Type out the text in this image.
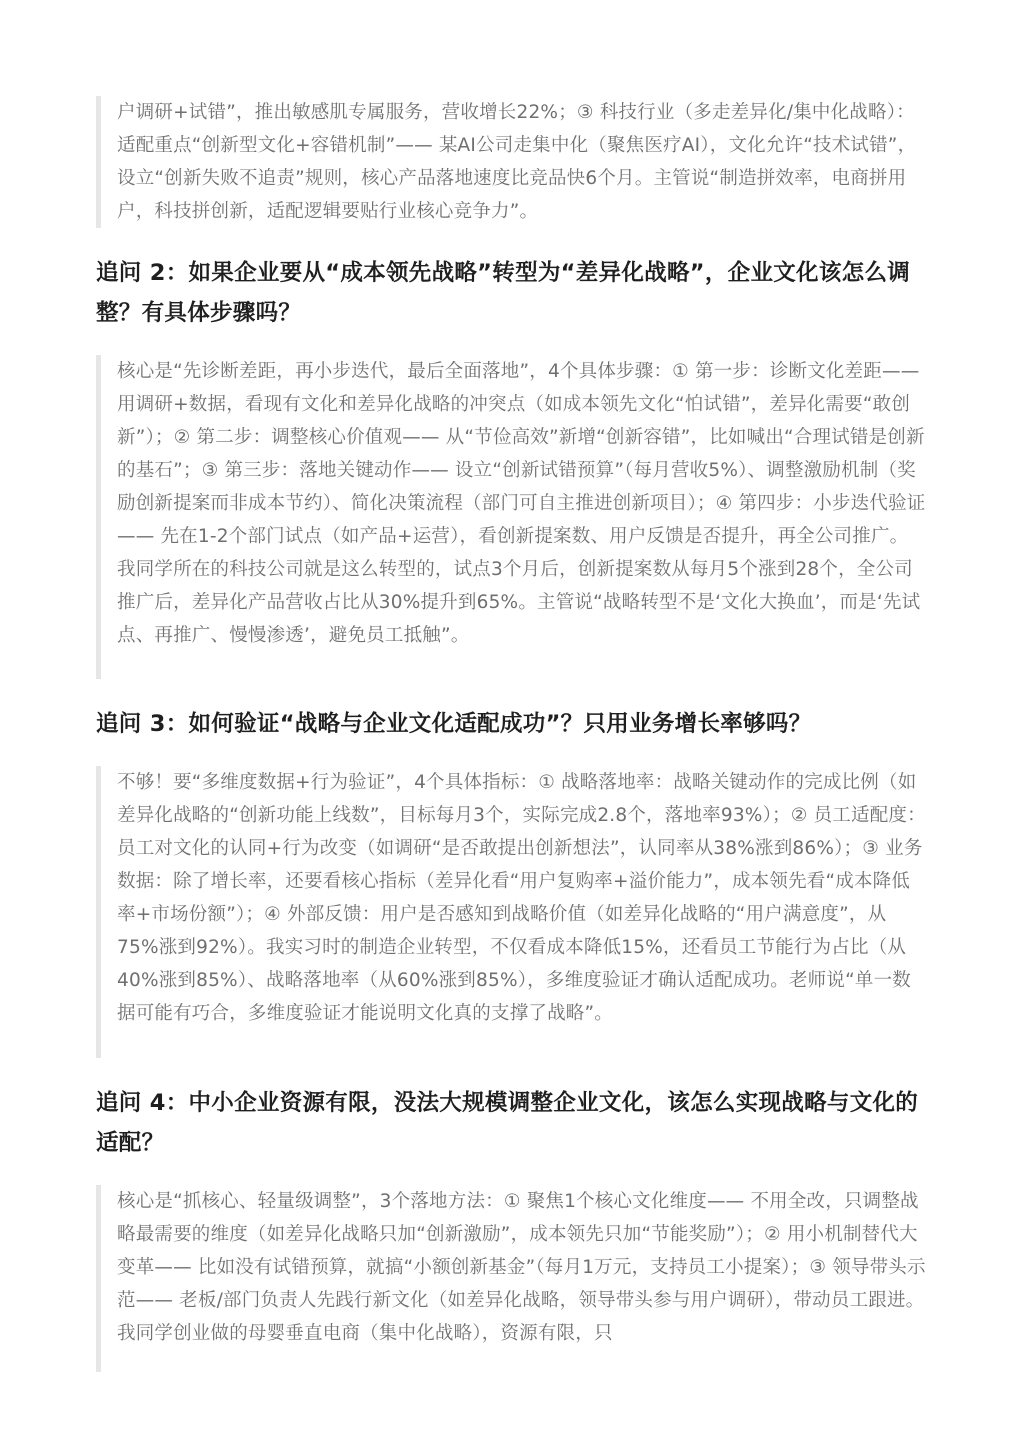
户调研+试错”，推出敏感肌专属服务，营收增长22%；③ 科技行业（多走差异化/集中化战略）：适配重点“创新型文化+容错机制”—— 某AI公司走集中化（聚焦医疗AI），文化允许“技术试错”，设立“创新失败不追责”规则，核心产品落地速度比竞品快6个月。主管说“制造拼效率，电商拼用户，科技拼创新，适配逻辑要贴行业核心竞争力”。

追问 2：如果企业要从“成本领先战略”转型为“差异化战略”，企业文化该怎么调整？有具体步骤吗？

核心是“先诊断差距，再小步迭代，最后全面落地”，4个具体步骤：① 第一步：诊断文化差距—— 用调研+数据，看现有文化和差异化战略的冲突点（如成本领先文化“怕试错”，差异化需要“敢创新”）；② 第二步：调整核心价值观—— 从“节俭高效”新增“创新容错”，比如喊出“合理试错是创新的基石”；③ 第三步：落地关键动作—— 设立“创新试错预算”（每月营收5%）、调整激励机制（奖励创新提案而非成本节约）、简化决策流程（部门可自主推进创新项目）；④ 第四步：小步迭代验证—— 先在1-2个部门试点（如产品+运营），看创新提案数、用户反馈是否提升，再全公司推广。我同学所在的科技公司就是这么转型的，试点3个月后，创新提案数从每月5个涨到28个，全公司推广后，差异化产品营收占比从30%提升到65%。主管说“战略转型不是‘文化大换血’，而是‘先试点、再推广、慢慢渗透’，避免员工抵触”。

追问 3：如何验证“战略与企业文化适配成功”？只用业务增长率够吗？

不够！要“多维度数据+行为验证”，4个具体指标：① 战略落地率：战略关键动作的完成比例（如差异化战略的“创新功能上线数”，目标每月3个，实际完成2.8个，落地率93%）；② 员工适配度：员工对文化的认同+行为改变（如调研“是否敢提出创新想法”，认同率从38%涨到86%）；③ 业务数据：除了增长率，还要看核心指标（差异化看“用户复购率+溢价能力”，成本领先看“成本降低率+市场份额”）；④ 外部反馈：用户是否感知到战略价值（如差异化战略的“用户满意度”，从75%涨到92%）。我实习时的制造企业转型，不仅看成本降低15%，还看员工节能行为占比（从40%涨到85%）、战略落地率（从60%涨到85%），多维度验证才确认适配成功。老师说“单一数据可能有巧合，多维度验证才能说明文化真的支撑了战略”。

追问 4：中小企业资源有限，没法大规模调整企业文化，该怎么实现战略与文化的适配？

核心是“抓核心、轻量级调整”，3个落地方法：① 聚焦1个核心文化维度—— 不用全改，只调整战略最需要的维度（如差异化战略只加“创新激励”，成本领先只加“节能奖励”）；② 用小机制替代大变革—— 比如没有试错预算，就搞“小额创新基金”（每月1万元，支持员工小提案）；③ 领导带头示范—— 老板/部门负责人先践行新文化（如差异化战略，领导带头参与用户调研），带动员工跟进。我同学创业做的母婴垂直电商（集中化战略），资源有限，只
